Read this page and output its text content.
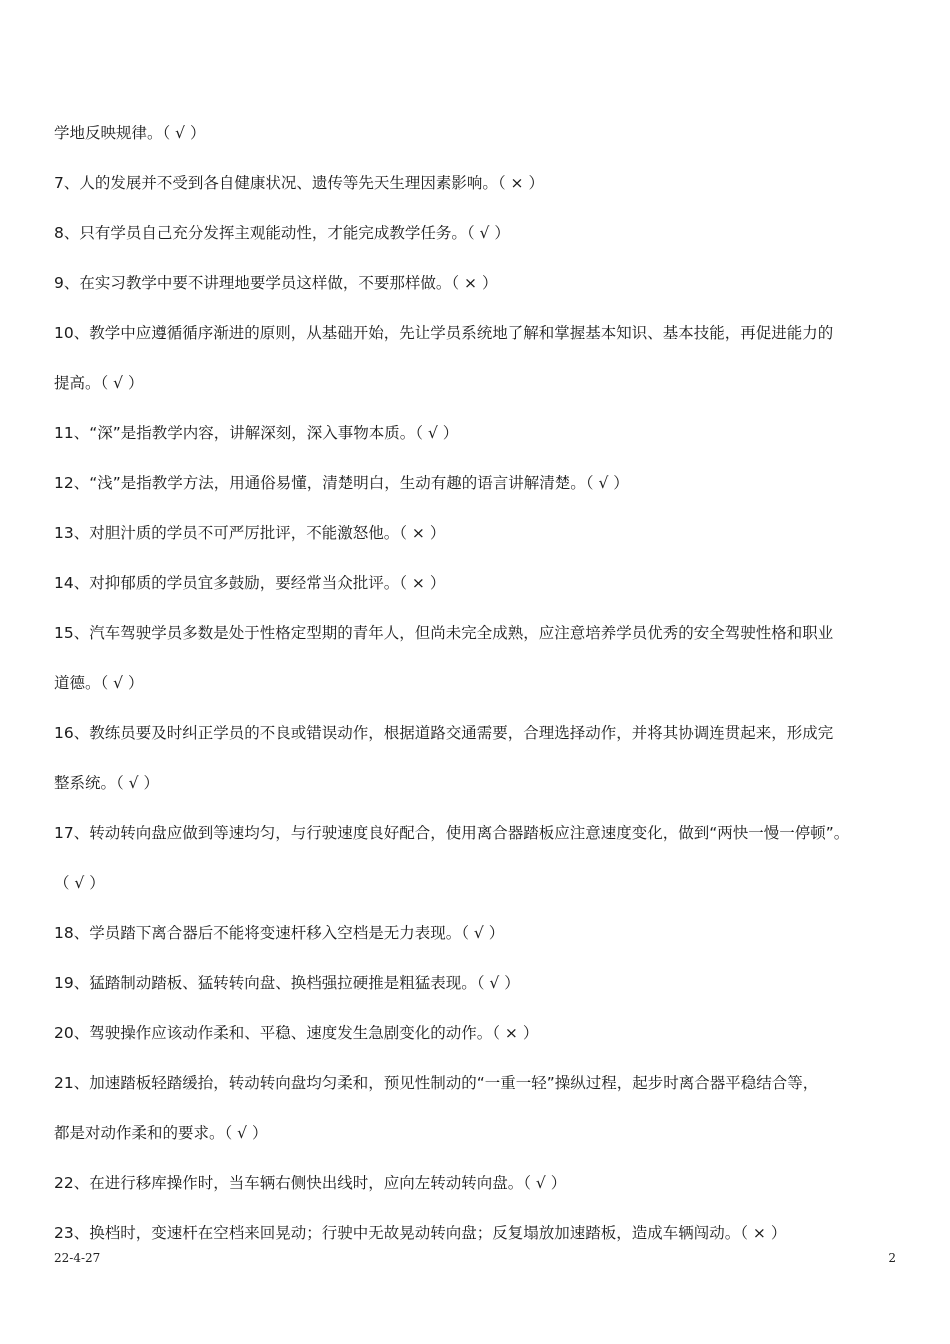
学地反映规律。（ √ ）
7、人的发展并不受到各自健康状况、遗传等先天生理因素影响。（ × ）
8、只有学员自己充分发挥主观能动性，才能完成教学任务。（ √ ）
9、在实习教学中要不讲理地要学员这样做，不要那样做。（ × ）
10、教学中应遵循循序渐进的原则，从基础开始，先让学员系统地了解和掌握基本知识、基本技能，再促进能力的
提高。（ √ ）
11、“深”是指教学内容，讲解深刻，深入事物本质。（ √ ）
12、“浅”是指教学方法，用通俗易懂，清楚明白，生动有趣的语言讲解清楚。（ √ ）
13、对胆汁质的学员不可严厉批评，不能激怒他。（ × ）
14、对抑郁质的学员宜多鼓励，要经常当众批评。（ × ）
15、汽车驾驶学员多数是处于性格定型期的青年人，但尚未完全成熟，应注意培养学员优秀的安全驾驶性格和职业
道德。（ √ ）
16、教练员要及时纠正学员的不良或错误动作，根据道路交通需要，合理选择动作，并将其协调连贯起来，形成完
整系统。（ √ ）
17、转动转向盘应做到等速均匀，与行驶速度良好配合，使用离合器踏板应注意速度变化，做到“两快一慢一停顿”。
（ √ ）
18、学员踏下离合器后不能将变速杆移入空档是无力表现。（ √ ）
19、猛踏制动踏板、猛转转向盘、换档强拉硬推是粗猛表现。（ √ ）
20、驾驶操作应该动作柔和、平稳、速度发生急剧变化的动作。（ × ）
21、加速踏板轻踏缓抬，转动转向盘均匀柔和，预见性制动的“一重一轻”操纵过程，起步时离合器平稳结合等，
都是对动作柔和的要求。（ √ ）
22、在进行移库操作时，当车辆右侧快出线时，应向左转动转向盘。（ √ ）
23、换档时，变速杆在空档来回晃动；行驶中无故晃动转向盘；反复塌放加速踏板，造成车辆闯动。（ × ）
22-4-27	2
